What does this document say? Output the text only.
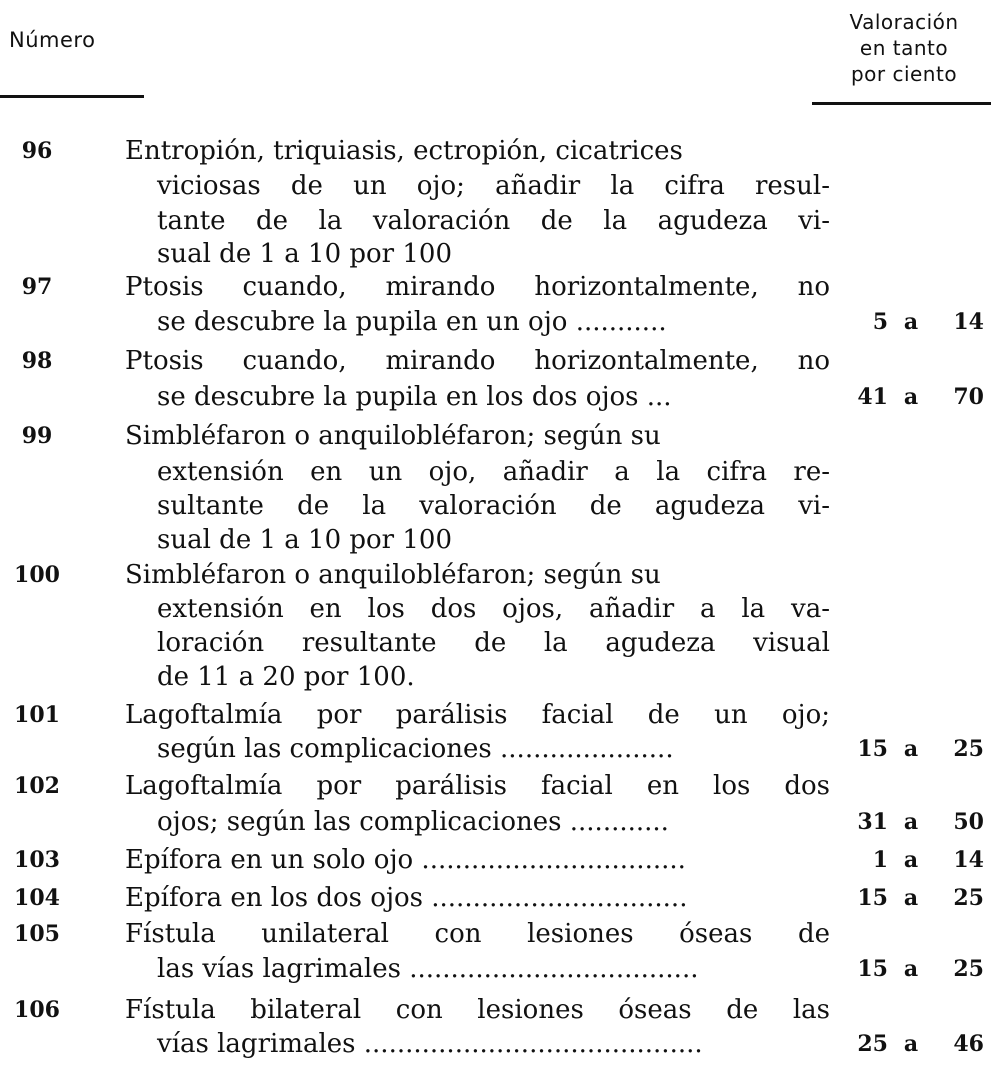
Número
Valoración
en tanto
por ciento
96	Entropión, triquiasis, ectropión, cicatrices
viciosas de un ojo; añadir la cifra resul-
tante de la valoración de la agudeza vi-
sual de 1 a 10 por 100
97	Ptosis cuando, mirando horizontalmente, no
se descubre la pupila en un ojo ...........	5 a	14
98	Ptosis cuando, mirando horizontalmente, no
se descubre la pupila en los dos ojos ...	41 a	70
99	Simbléfaron o anquilobléfaron; según su
extensión en un ojo, añadir a la cifra re-
sultante de la valoración de agudeza vi-
sual de 1 a 10 por 100
100	Simbléfaron o anquilobléfaron; según su
extensión en los dos ojos, añadir a la va-
loración resultante de la agudeza visual
de 11 a 20 por 100.
101	Lagoftalmía por parálisis facial de un ojo;
según las complicaciones .....................	15 a	25
102	Lagoftalmía por parálisis facial en los dos
ojos; según las complicaciones ............	31 a	50
103	Epífora en un solo ojo ................................	1 a	14
104	Epífora en los dos ojos ...............................	15 a	25
105	Fístula unilateral con lesiones óseas de
las vías lagrimales ...................................	15 a	25
106	Fístula bilateral con lesiones óseas de las
vías lagrimales .........................................	25 a	46
